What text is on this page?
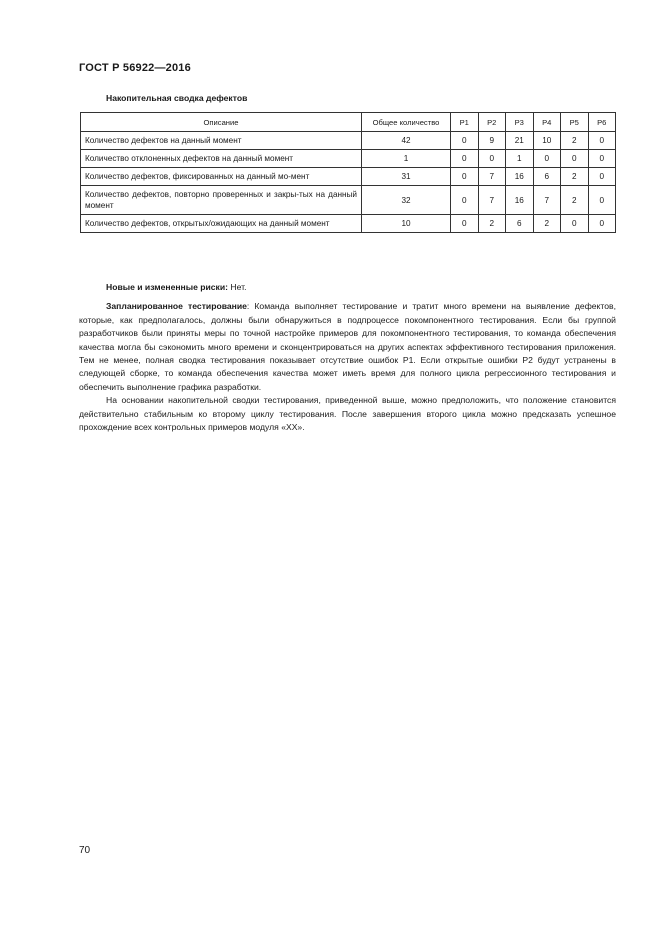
ГОСТ Р 56922—2016
Накопительная сводка дефектов
Описание	Общее количество	P1	P2	P3	P4	P5	P6
Количество дефектов на данный момент	42	0	9	21	10	2	0
Количество отклоненных дефектов на данный момент	1	0	0	1	0	0	0
Количество дефектов, фиксированных на данный мо-мент	31	0	7	16	6	2	0
Количество дефектов, повторно проверенных и закры-тых на данный момент	32	0	7	16	7	2	0
Количество дефектов, открытых/ожидающих на данный момент	10	0	2	6	2	0	0

Новые и измененные риски: Нет.

Запланированное тестирование: Команда выполняет тестирование и тратит много времени на выявление дефектов, которые, как предполагалось, должны были обнаружиться в подпроцессе покомпонентного тестирования. Если бы группой разработчиков были приняты меры по точной настройке примеров для покомпонентного тестирования, то команда обеспечения качества могла бы сэкономить много времени и сконцентрироваться на других аспектах эффективного тестирования приложения. Тем не менее, полная сводка тестирования показывает отсутствие ошибок P1. Если открытые ошибки P2 будут устранены в следующей сборке, то команда обеспечения качества может иметь время для полного цикла регрессионного тестирования и обеспечить выполнение графика разработки.

На основании накопительной сводки тестирования, приведенной выше, можно предположить, что положение становится действительно стабильным ко второму циклу тестирования. После завершения второго цикла можно предсказать успешное прохождение всех контрольных примеров модуля «XX».

70
